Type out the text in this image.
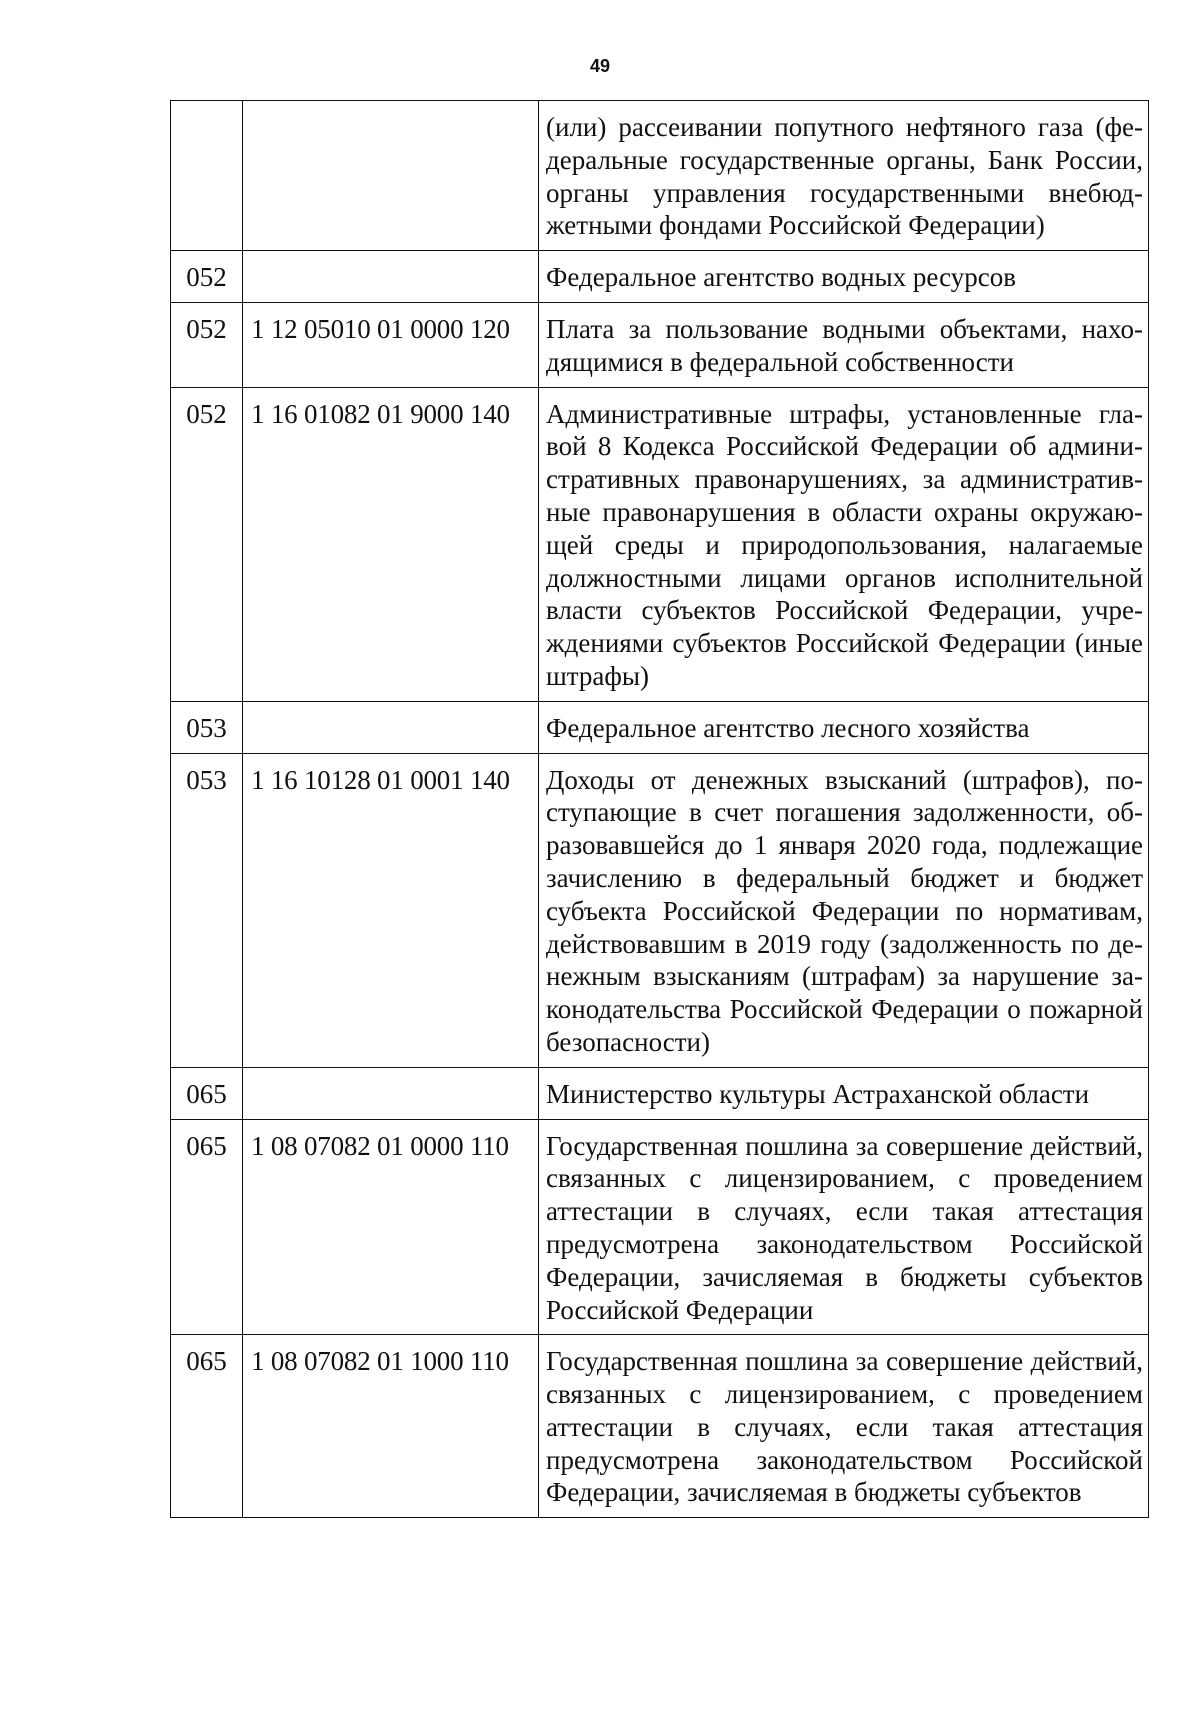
49
		(или) рассеивании попутного нефтяного газа (федеральные государственные органы, Банк России, органы управления государственными внебюджетными фондами Российской Федерации)
052		Федеральное агентство водных ресурсов
052	1 12 05010 01 0000 120	Плата за пользование водными объектами, находящимися в федеральной собственности
052	1 16 01082 01 9000 140	Административные штрафы, установленные главой 8 Кодекса Российской Федерации об административных правонарушениях, за административные правонарушения в области охраны окружающей среды и природопользования, налагаемые должностными лицами органов исполнительной власти субъектов Российской Федерации, учреждениями субъектов Российской Федерации (иные штрафы)
053		Федеральное агентство лесного хозяйства
053	1 16 10128 01 0001 140	Доходы от денежных взысканий (штрафов), поступающие в счет погашения задолженности, образовавшейся до 1 января 2020 года, подлежащие зачислению в федеральный бюджет и бюджет субъекта Российской Федерации по нормативам, действовавшим в 2019 году (задолженность по денежным взысканиям (штрафам) за нарушение законодательства Российской Федерации о пожарной безопасности)
065		Министерство культуры Астраханской области
065	1 08 07082 01 0000 110	Государственная пошлина за совершение действий, связанных с лицензированием, с проведением аттестации в случаях, если такая аттестация предусмотрена законодательством Российской Федерации, зачисляемая в бюджеты субъектов Российской Федерации
065	1 08 07082 01 1000 110	Государственная пошлина за совершение действий, связанных с лицензированием, с проведением аттестации в случаях, если такая аттестация предусмотрена законодательством Российской Федерации, зачисляемая в бюджеты субъектов
